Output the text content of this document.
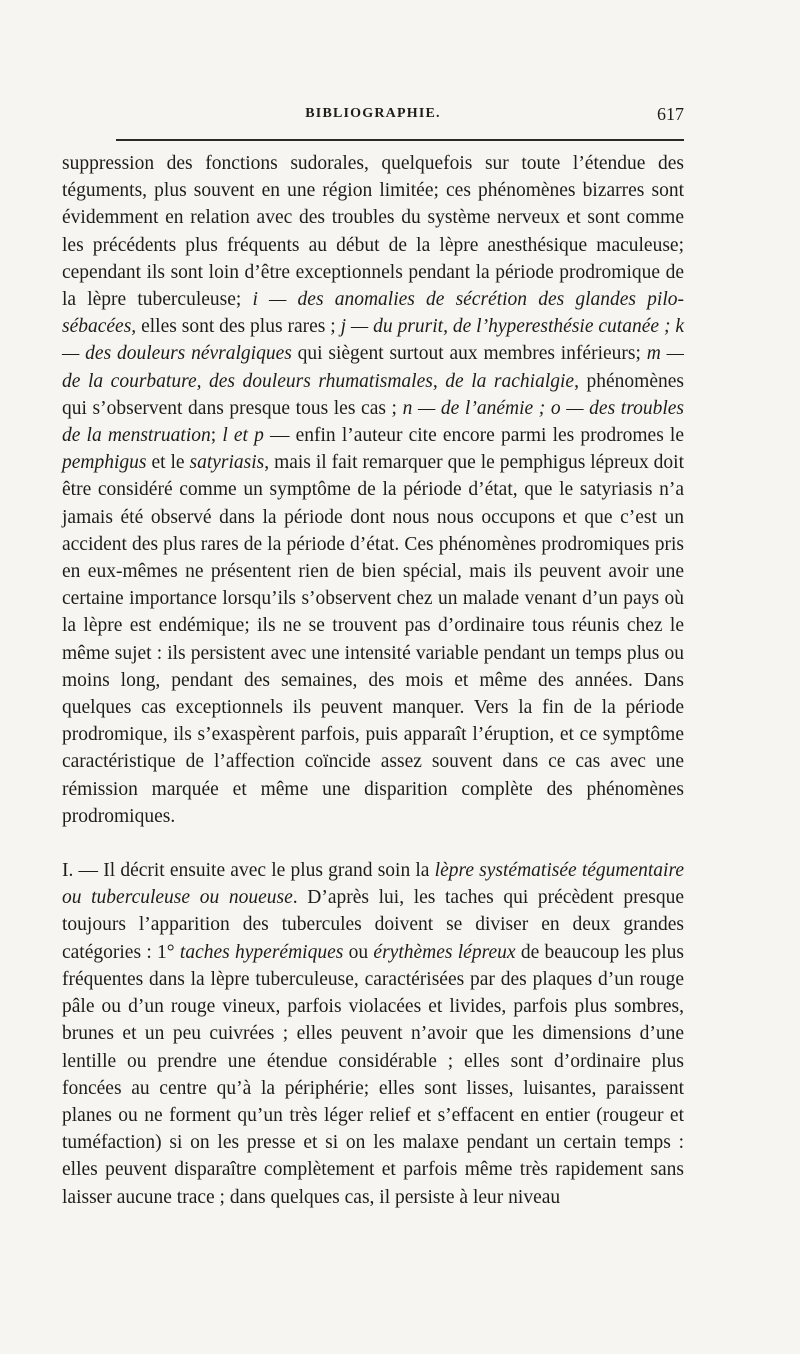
BIBLIOGRAPHIE.	617

suppression des fonctions sudorales, quelquefois sur toute l’étendue des téguments, plus souvent en une région limitée; ces phénomènes bizarres sont évidemment en relation avec des troubles du système nerveux et sont comme les précédents plus fréquents au début de la lèpre anesthésique maculeuse; cependant ils sont loin d’être exceptionnels pendant la période prodromique de la lèpre tuberculeuse; i — des anomalies de sécrétion des glandes pilo-sébacées, elles sont des plus rares ; j — du prurit, de l’hyperesthésie cutanée ; k — des douleurs névralgiques qui siègent surtout aux membres inférieurs; m — de la courbature, des douleurs rhumatismales, de la rachialgie, phénomènes qui s’observent dans presque tous les cas ; n — de l’anémie ; o — des troubles de la menstruation; l et p — enfin l’auteur cite encore parmi les prodromes le pemphigus et le satyriasis, mais il fait remarquer que le pemphigus lépreux doit être considéré comme un symptôme de la période d’état, que le satyriasis n’a jamais été observé dans la période dont nous nous occupons et que c’est un accident des plus rares de la période d’état. Ces phénomènes prodromiques pris en eux-mêmes ne présentent rien de bien spécial, mais ils peuvent avoir une certaine importance lorsqu’ils s’observent chez un malade venant d’un pays où la lèpre est endémique; ils ne se trouvent pas d’ordinaire tous réunis chez le même sujet : ils persistent avec une intensité variable pendant un temps plus ou moins long, pendant des semaines, des mois et même des années. Dans quelques cas exceptionnels ils peuvent manquer. Vers la fin de la période prodromique, ils s’exaspèrent parfois, puis apparaît l’éruption, et ce symptôme caractéristique de l’affection coïncide assez souvent dans ce cas avec une rémission marquée et même une disparition complète des phénomènes prodromiques.

I. — Il décrit ensuite avec le plus grand soin la lèpre systématisée tégumentaire ou tuberculeuse ou noueuse. D’après lui, les taches qui précèdent presque toujours l’apparition des tubercules doivent se diviser en deux grandes catégories : 1° taches hyperémiques ou érythèmes lépreux de beaucoup les plus fréquentes dans la lèpre tuberculeuse, caractérisées par des plaques d’un rouge pâle ou d’un rouge vineux, parfois violacées et livides, parfois plus sombres, brunes et un peu cuivrées ; elles peuvent n’avoir que les dimensions d’une lentille ou prendre une étendue considérable ; elles sont d’ordinaire plus foncées au centre qu’à la périphérie; elles sont lisses, luisantes, paraissent planes ou ne forment qu’un très léger relief et s’effacent en entier (rougeur et tuméfaction) si on les presse et si on les malaxe pendant un certain temps : elles peuvent disparaître complètement et parfois même très rapidement sans laisser aucune trace ; dans quelques cas, il persiste à leur niveau
